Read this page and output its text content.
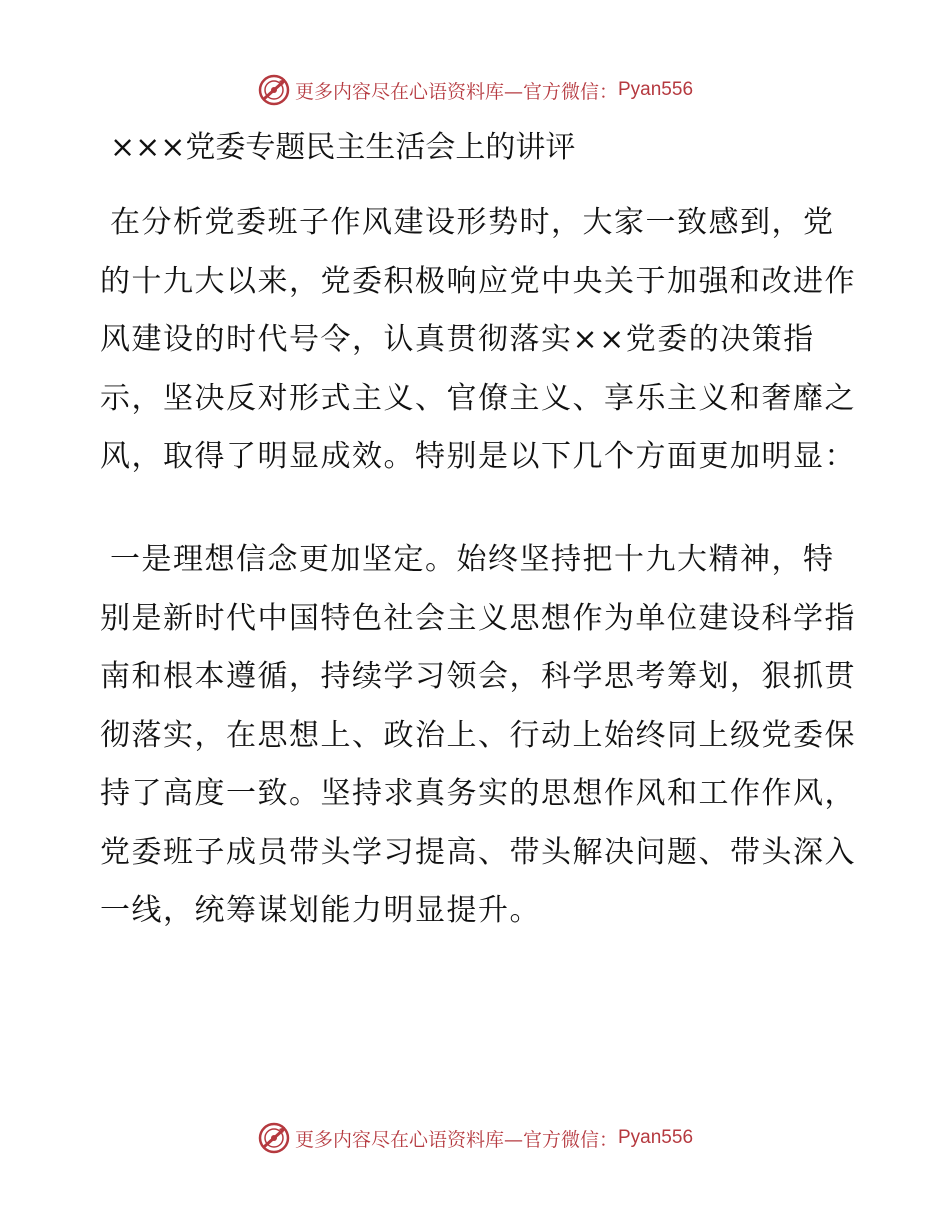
更多内容尽在心语资料库—官方微信： Pyan556
×××党委专题民主生活会上的讲评

在分析党委班子作风建设形势时，大家一致感到，党的十九大以来，党委积极响应党中央关于加强和改进作风建设的时代号令，认真贯彻落实××党委的决策指示，坚决反对形式主义、官僚主义、享乐主义和奢靡之风，取得了明显成效。特别是以下几个方面更加明显：

一是理想信念更加坚定。始终坚持把十九大精神，特别是新时代中国特色社会主义思想作为单位建设科学指南和根本遵循，持续学习领会，科学思考筹划，狠抓贯彻落实，在思想上、政治上、行动上始终同上级党委保持了高度一致。坚持求真务实的思想作风和工作作风，党委班子成员带头学习提高、带头解决问题、带头深入一线，统筹谋划能力明显提升。

更多内容尽在心语资料库—官方微信： Pyan556
